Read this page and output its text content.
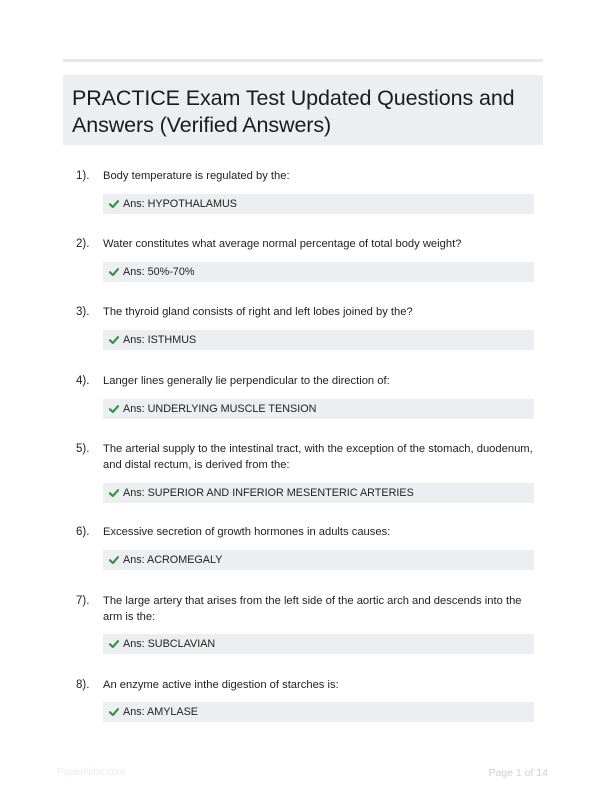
PRACTICE Exam Test Updated Questions and Answers (Verified Answers)
1). Body temperature is regulated by the:
Ans: HYPOTHALAMUS
2). Water constitutes what average normal percentage of total body weight?
Ans: 50%-70%
3). The thyroid gland consists of right and left lobes joined by the?
Ans: ISTHMUS
4). Langer lines generally lie perpendicular to the direction of:
Ans: UNDERLYING MUSCLE TENSION
5). The arterial supply to the intestinal tract, with the exception of the stomach, duodenum, and distal rectum, is derived from the:
Ans: SUPERIOR AND INFERIOR MESENTERIC ARTERIES
6). Excessive secretion of growth hormones in adults causes:
Ans: ACROMEGALY
7). The large artery that arises from the left side of the aortic arch and descends into the arm is the:
Ans: SUBCLAVIAN
8). An enzyme active inthe digestion of starches is:
Ans: AMYLASE
PaperNibs.com	Page 1 of 14
